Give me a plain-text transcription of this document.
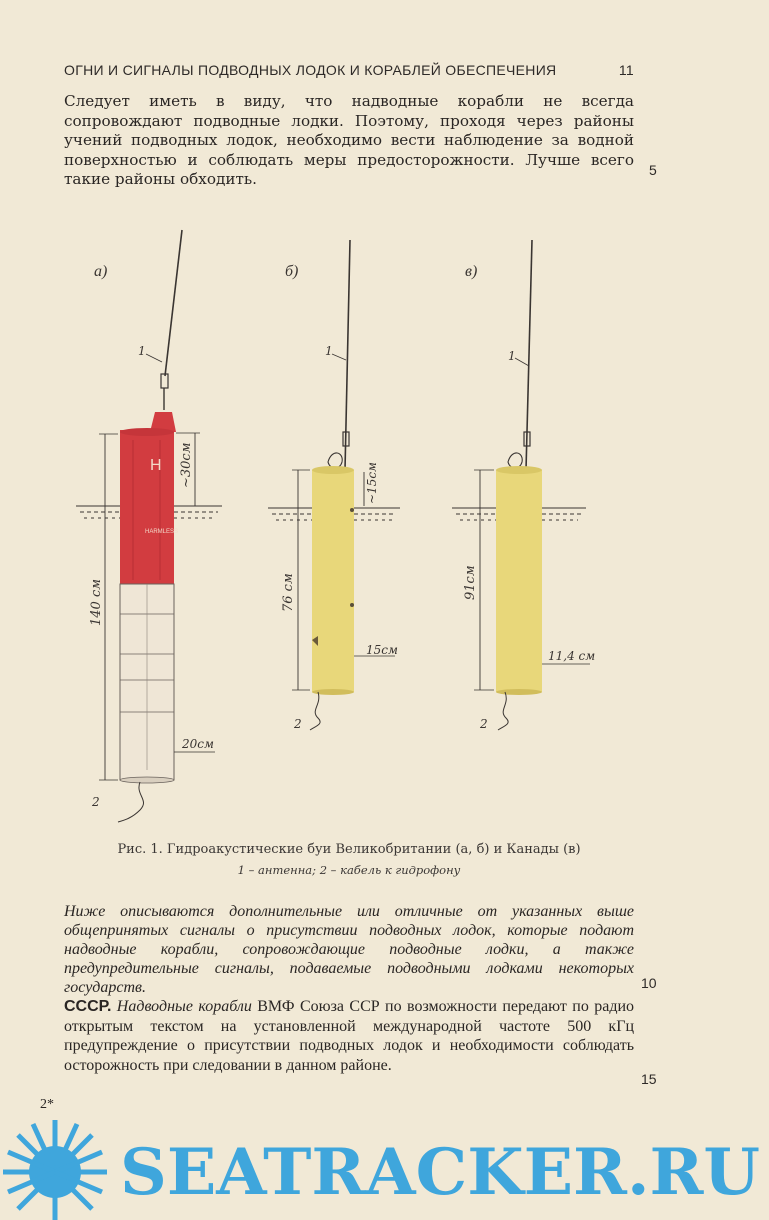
ОГНИ И СИГНАЛЫ ПОДВОДНЫХ ЛОДОК И КОРАБЛЕЙ ОБЕСПЕЧЕНИЯ	11
Следует иметь в виду, что надводные корабли не всегда сопровождают подводные лодки. Поэтому, проходя через районы учений подводных лодок, необходимо вести наблюдение за водной поверхностью и соблюдать меры предосторожности. Лучше всего такие районы обходить.	5
10
15
а)	б)	в)
1
Н
HARMLESS
2
140 см
~30см
20см
1
2
76 см
~15см
15см
1
2
91см
11,4 см
Рис. 1. Гидроакустические буи Великобритании (а, б) и Канады (в)
1 – антенна; 2 – кабель к гидрофону
Ниже описываются дополнительные или отличные от указанных выше общепринятых сигналы о присутствии подводных лодок, которые подают надводные корабли, сопровождающие подводные лодки, а также предупредительные сигналы, подаваемые подводными лодками некоторых государств.
СССР. Надводные корабли ВМФ Союза ССР по возможности передают по радио открытым текстом на установленной международной частоте 500 кГц предупреждение о присутствии подводных лодок и необходимости соблюдать осторожность при следовании в данном районе.
2*
SEATRACKER.RU
